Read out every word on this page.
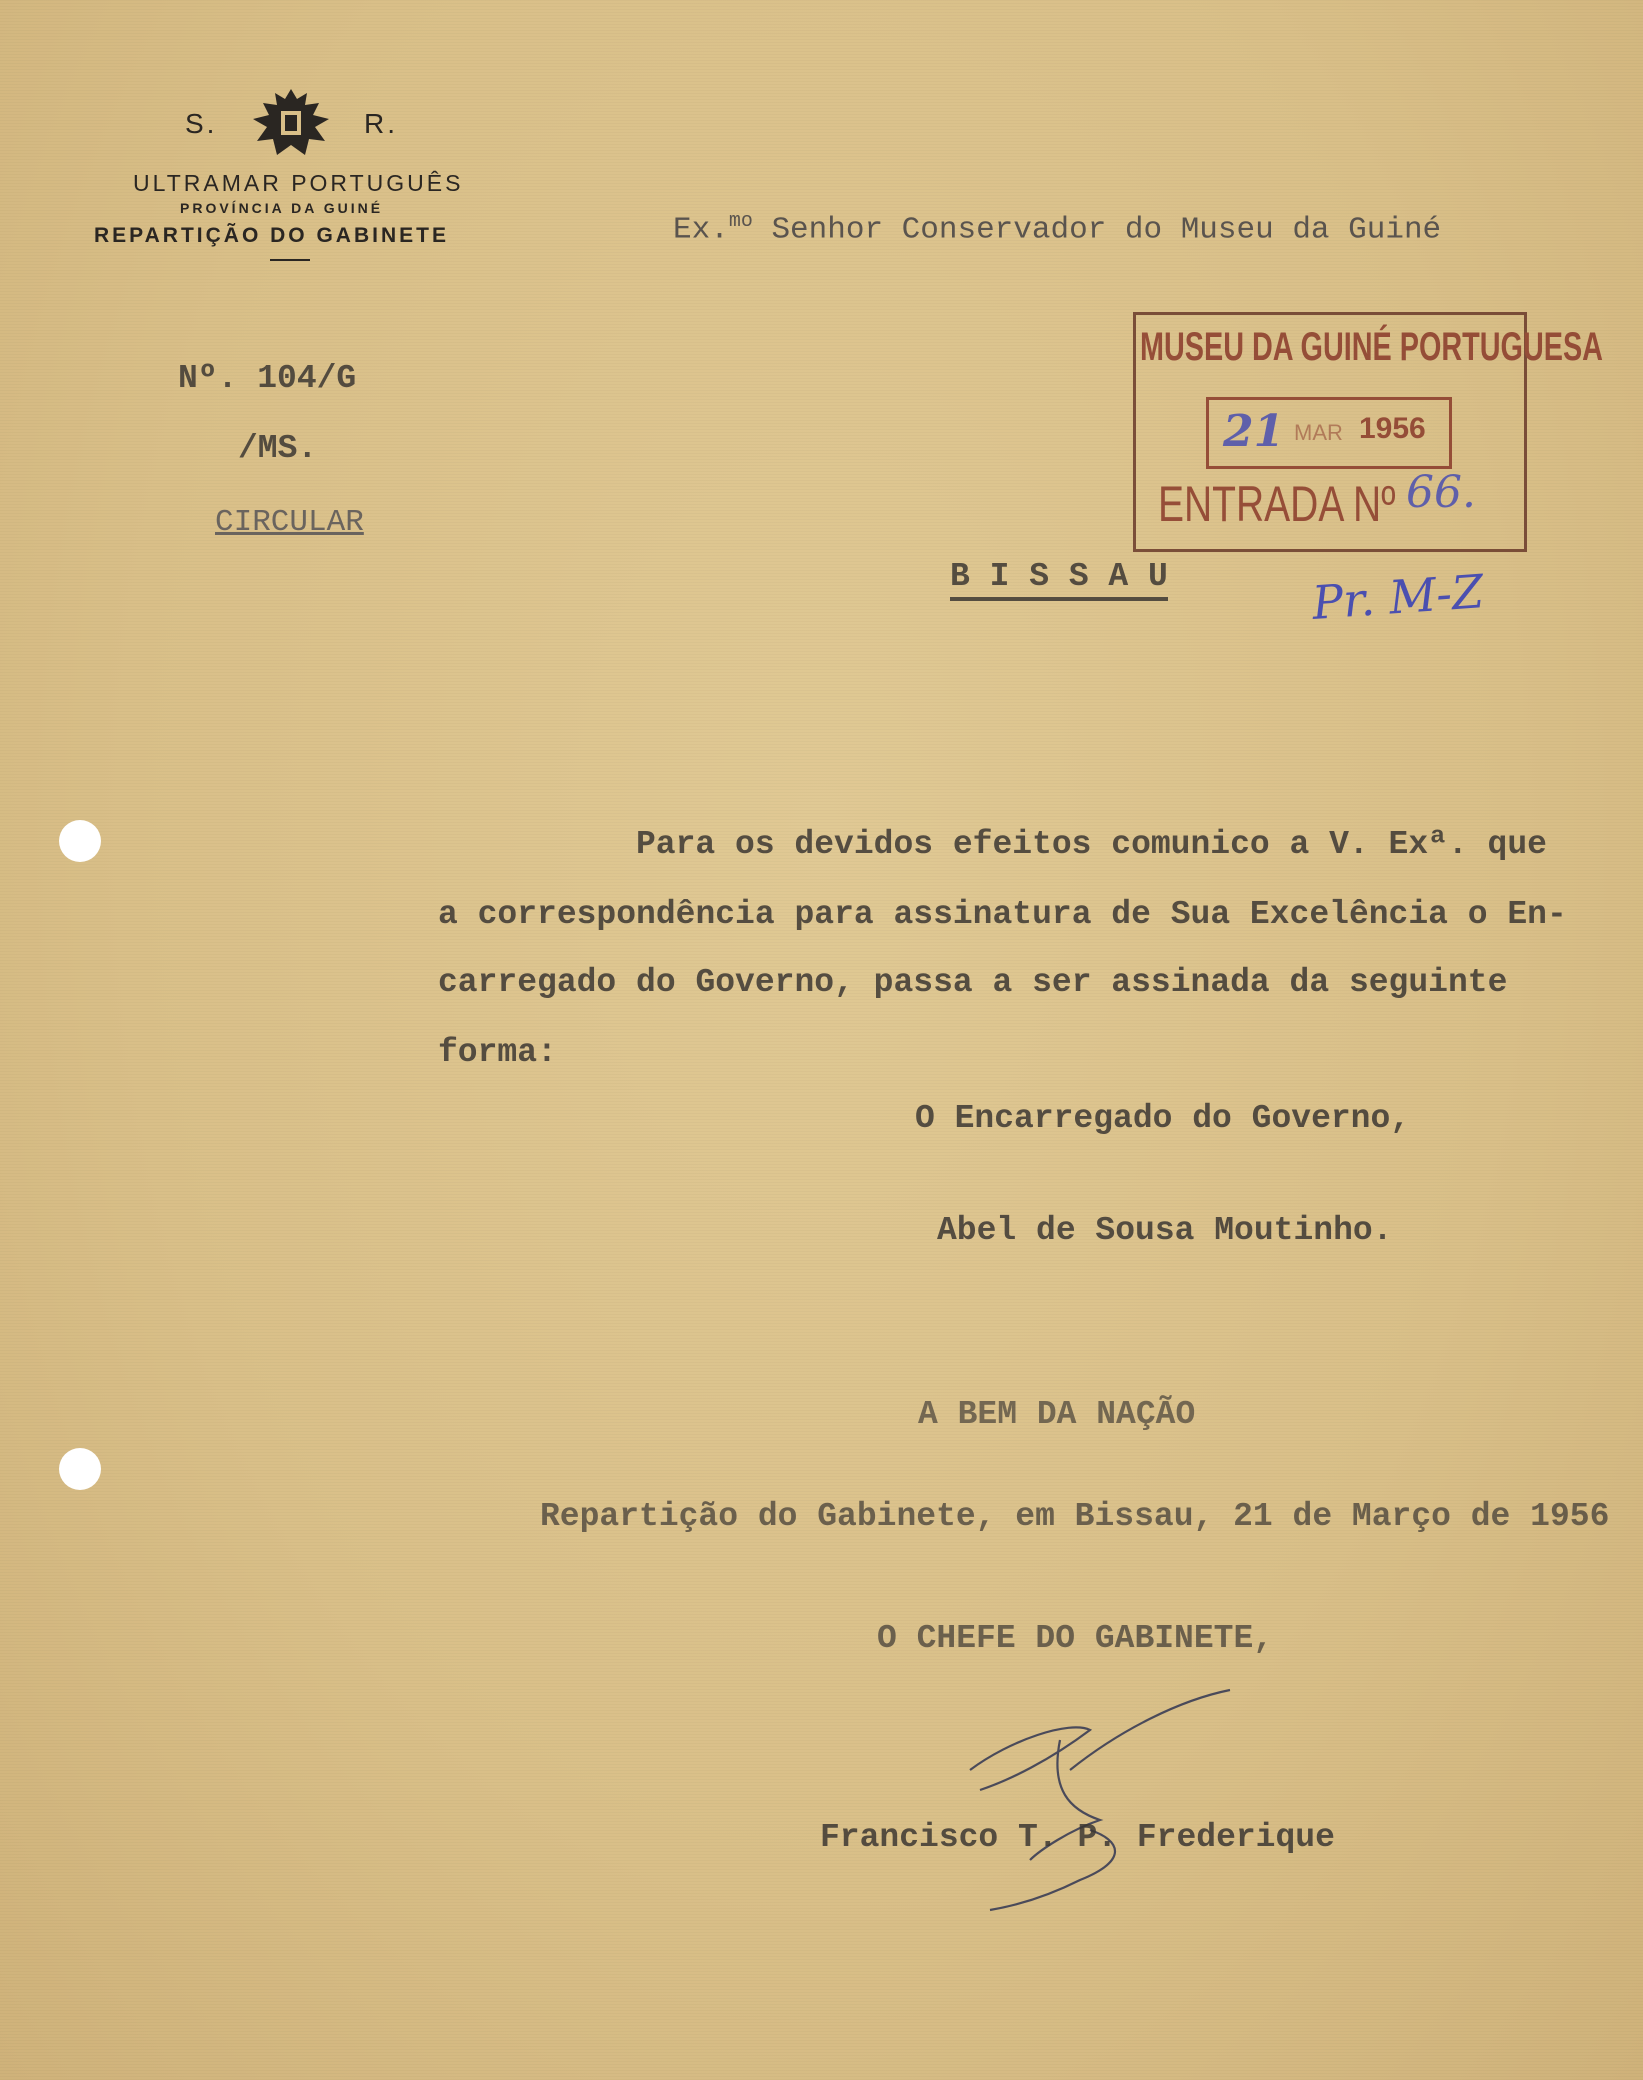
S.	R.
ULTRAMAR PORTUGUÊS
PROVÍNCIA DA GUINÉ
REPARTIÇÃO DO GABINETE	Ex.$^{mo}$ Senhor Conservador do Museu da Guiné
Nº. 104/G
/MS.
CIRCULAR
MUSEU DA GUINÉ PORTUGUESA
21 MAR 1956
ENTRADA Nº 66.
Pr. M-Z
B I S S A U
Para os devidos efeitos comunico a V. Exª. que
a correspondência para assinatura de Sua Excelência o En-
carregado do Governo, passa a ser assinada da seguinte
forma:
O Encarregado do Governo,
Abel de Sousa Moutinho.
A BEM DA NAÇÃO
Repartição do Gabinete, em Bissau, 21 de Março de 1956
O CHEFE DO GABINETE,
Francisco T. P. Frederique
